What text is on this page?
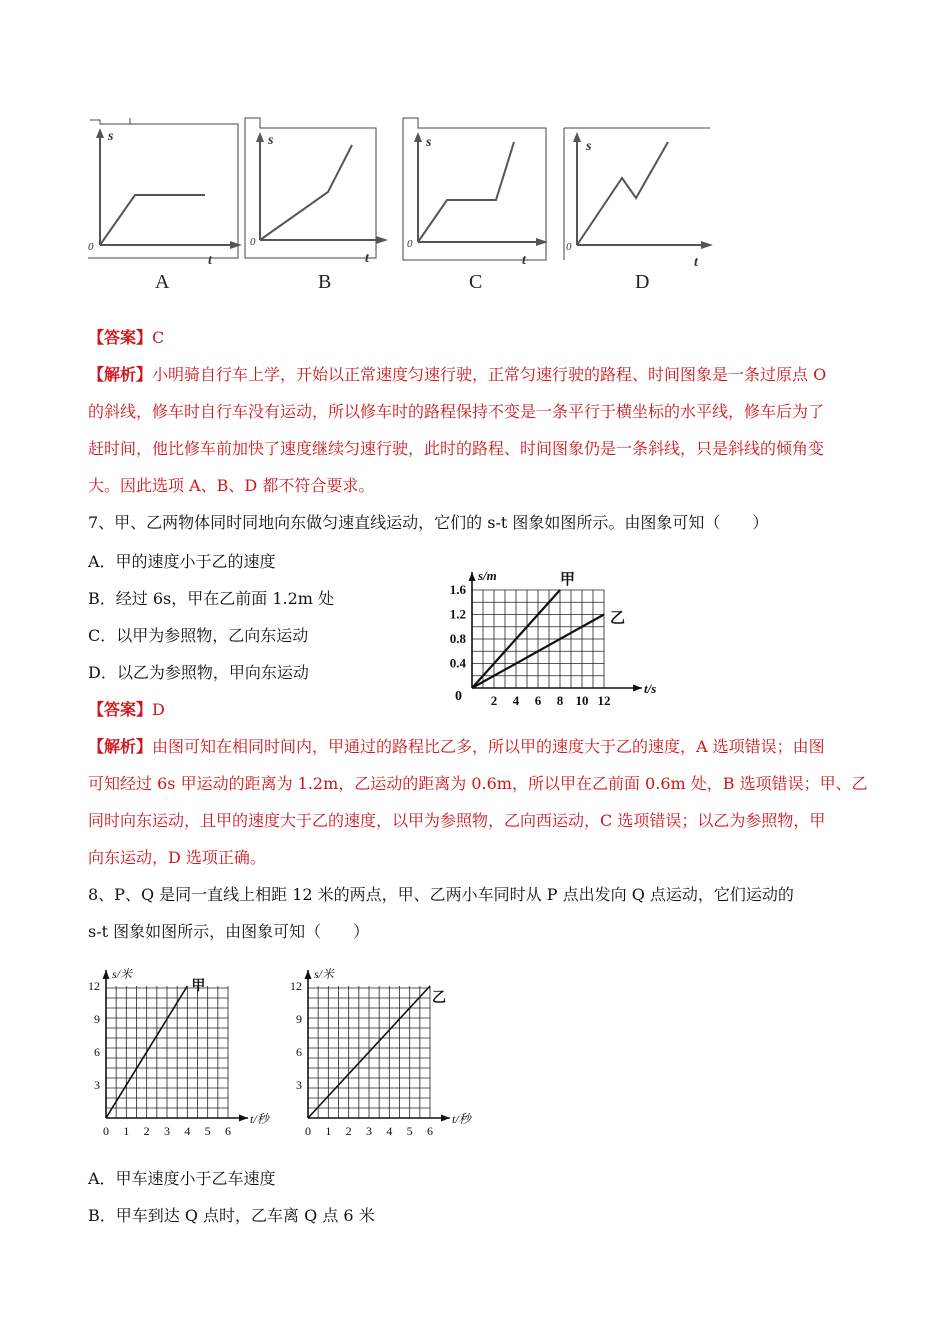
s	s	s	s
t	t	t	t
0	0	0	0
A	B	C	D
【答案】C
【解析】小明骑自行车上学，开始以正常速度匀速行驶，正常匀速行驶的路程、时间图象是一条过原点 O
的斜线，修车时自行车没有运动，所以修车时的路程保持不变是一条平行于横坐标的水平线，修车后为了
赶时间，他比修车前加快了速度继续匀速行驶，此时的路程、时间图象仍是一条斜线，只是斜线的倾角变
大。因此选项 A、B、D 都不符合要求。
7、甲、乙两物体同时同地向东做匀速直线运动，它们的 s-t 图象如图所示。由图象可知（　　）
A．甲的速度小于乙的速度
B．经过 6s，甲在乙前面 1.2m 处
C．以甲为参照物，乙向东运动
D．以乙为参照物，甲向东运动
2 4 6 8 10 12
0.4
0.8
1.2
1.6
0
s/m
t/s
甲
乙
【答案】D
【解析】由图可知在相同时间内，甲通过的路程比乙多，所以甲的速度大于乙的速度，A 选项错误；由图
可知经过 6s 甲运动的距离为 1.2m，乙运动的距离为 0.6m，所以甲在乙前面 0.6m 处，B 选项错误；甲、乙
同时向东运动，且甲的速度大于乙的速度，以甲为参照物，乙向西运动，C 选项错误；以乙为参照物，甲
向东运动，D 选项正确。
8、P、Q 是同一直线上相距 12 米的两点，甲、乙两小车同时从 P 点出发向 Q 点运动，它们运动的
s-t 图象如图所示，由图象可知（　　）
0 1 2 3 4 5 6
3
6
9
12
s/米
t/秒
甲
0 1 2 3 4 5 6
3
6
9
12
s/米
t/秒
乙
A．甲车速度小于乙车速度
B．甲车到达 Q 点时，乙车离 Q 点 6 米
